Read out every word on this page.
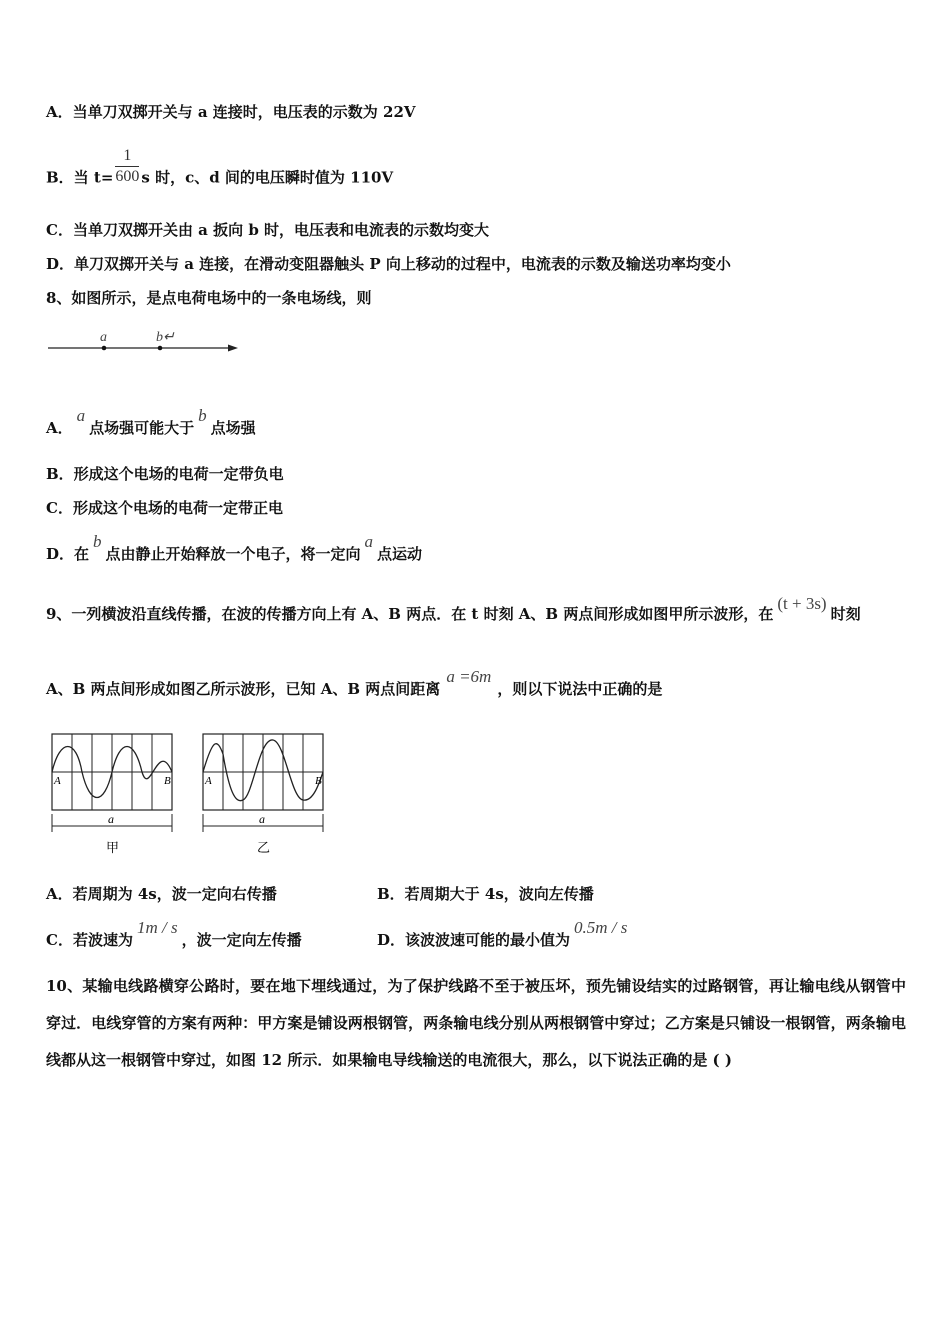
A．当单刀双掷开关与 a 连接时，电压表的示数为 22V
B．当 $t= \frac{1}{600}$ s 时，c、d 间的电压瞬时值为 110V
C．当单刀双掷开关由 a 扳向 b 时，电压表和电流表的示数均变大
D．单刀双掷开关与 a 连接，在滑动变阻器触头 P 向上移动的过程中，电流表的示数及输送功率均变小
8、如图所示，是点电荷电场中的一条电场线，则
a	b↵
A．a点场强可能大于b点场强
B．形成这个电场的电荷一定带负电
C．形成这个电场的电荷一定带正电
D．在b点由静止开始释放一个电子，将一定向a点运动
9、一列横波沿直线传播，在波的传播方向上有 A、B 两点．在 t 时刻 A、B 两点间形成如图甲所示波形，在(t + 3s)时刻
A、B 两点间形成如图乙所示波形，已知 A、B 两点间距离a =6m，则以下说法中正确的是
A	B
a
甲
A	B
a
乙
A．若周期为 4s，波一定向右传播	B．若周期大于 4s，波向左传播
C．若波速为1m / s，波一定向左传播	D．该波波速可能的最小值为0.5m / s
10、某输电线路横穿公路时，要在地下埋线通过，为了保护线路不至于被压坏，预先铺设结实的过路钢管，再让输电线从钢管中穿过．电线穿管的方案有两种：甲方案是铺设两根钢管，两条输电线分别从两根钢管中穿过；乙方案是只铺设一根钢管，两条输电线都从这一根钢管中穿过，如图 12 所示．如果输电导线输送的电流很大，那么，以下说法正确的是 ( )
